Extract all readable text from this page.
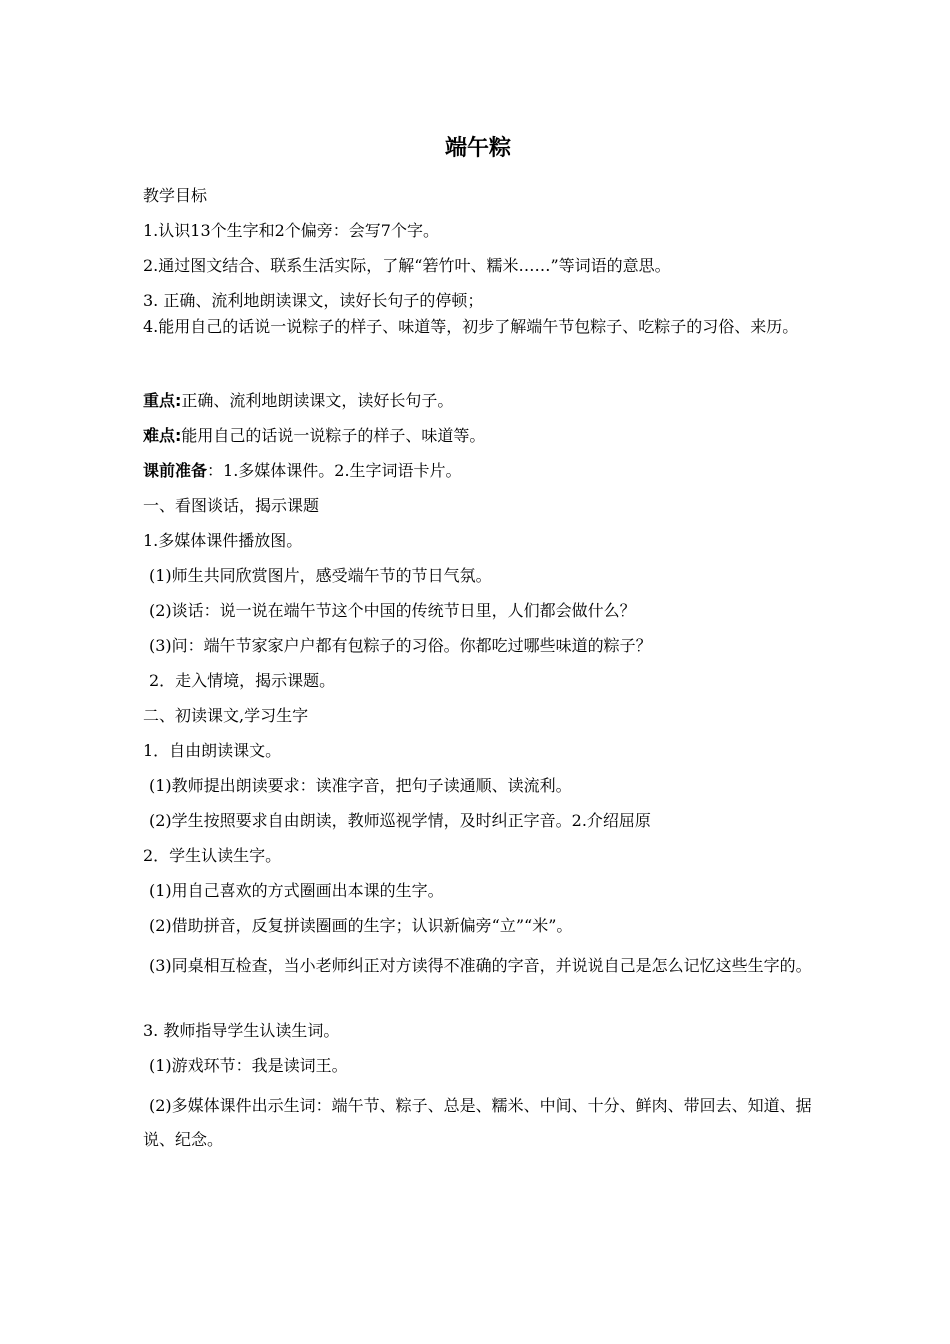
端午粽

教学目标

1.认识13个生字和2个偏旁：会写7个字。

2.通过图文结合、联系生活实际，了解“箬竹叶、糯米……”等词语的意思。

3. 正确、流利地朗读课文，读好长句子的停顿；

4.能用自己的话说一说粽子的样子、味道等，初步了解端午节包粽子、吃粽子的习俗、来历。

重点:正确、流利地朗读课文，读好长句子。

难点:能用自己的话说一说粽子的样子、味道等。

课前准备：1.多媒体课件。2.生字词语卡片。

一、看图谈话，揭示课题

1.多媒体课件播放图。

(1)师生共同欣赏图片，感受端午节的节日气氛。

(2)谈话：说一说在端午节这个中国的传统节日里，人们都会做什么？

(3)问：端午节家家户户都有包粽子的习俗。你都吃过哪些味道的粽子？

2．走入情境，揭示课题。

二、初读课文,学习生字

1．自由朗读课文。

(1)教师提出朗读要求：读准字音，把句子读通顺、读流利。

(2)学生按照要求自由朗读，教师巡视学情，及时纠正字音。2.介绍屈原

2．学生认读生字。

(1)用自己喜欢的方式圈画出本课的生字。

(2)借助拼音，反复拼读圈画的生字；认识新偏旁“立”“米”。

(3)同桌相互检查，当小老师纠正对方读得不准确的字音，并说说自己是怎么记忆这些生字的。

3. 教师指导学生认读生词。

(1)游戏环节：我是读词王。

(2)多媒体课件出示生词：端午节、粽子、总是、糯米、中间、十分、鲜肉、带回去、知道、据说、纪念。
